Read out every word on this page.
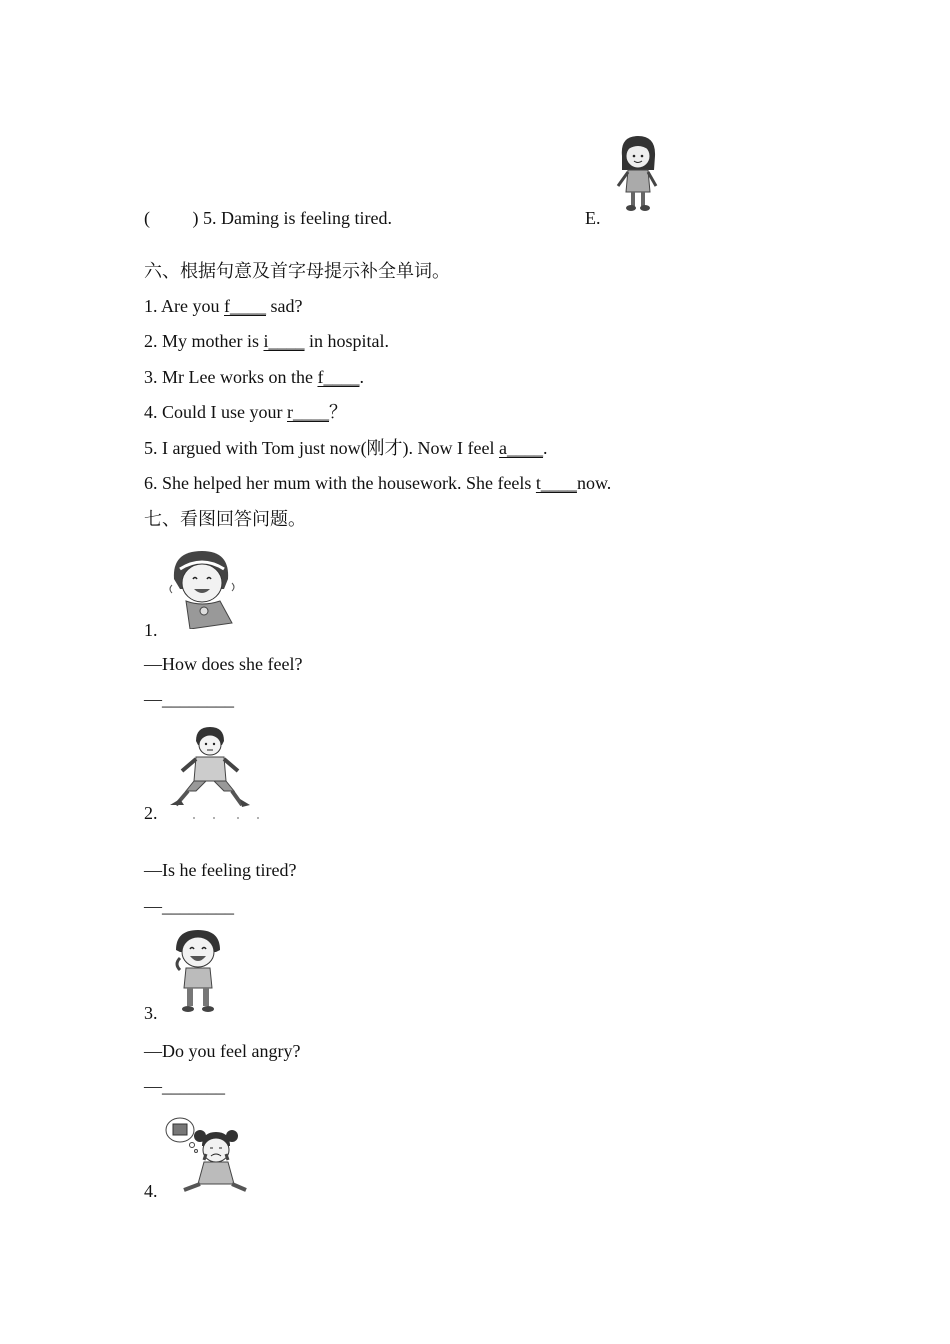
( ) 5. Daming is feeling tired.	E.
六、根据句意及首字母提示补全单词。
1. Are you f____ sad?
2. My mother is i____ in hospital.
3. Mr Lee works on the f____.
4. Could I use your r____？
5. I argued with Tom just now(刚才). Now I feel a____.
6. She helped her mum with the housework. She feels t____now.
七、看图回答问题。
1.
—How does she feel?
—________
2.
—Is he feeling tired?
—________
3.
—Do you feel angry?
—_______
4.
